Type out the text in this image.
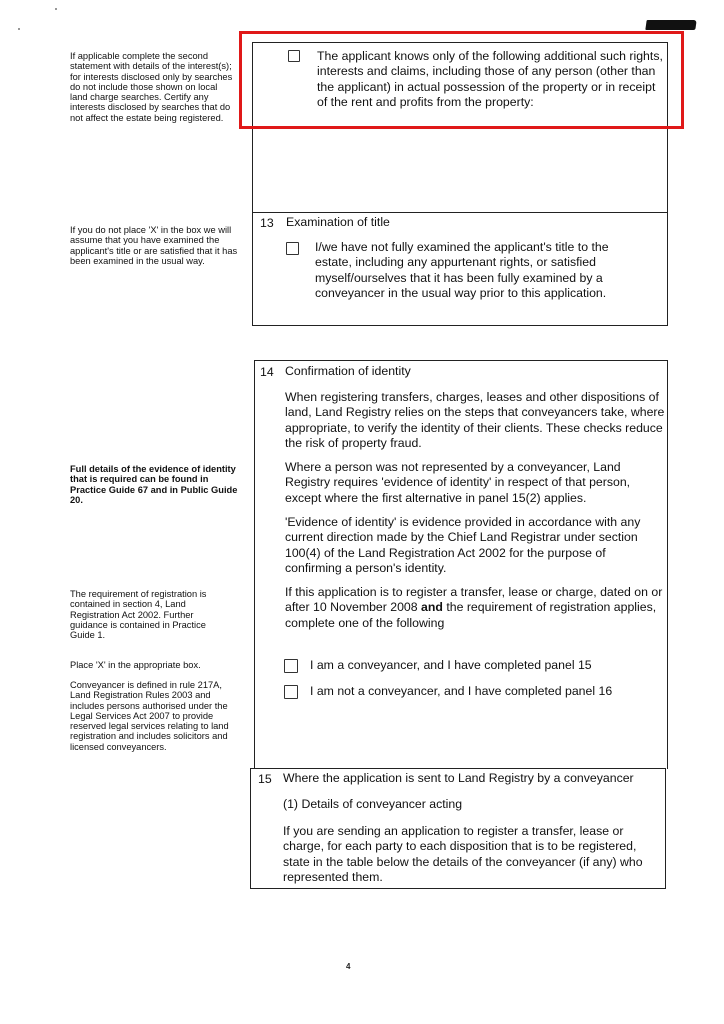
If applicable complete the second statement with details of the interest(s); for interests disclosed only by searches do not include those shown on local land charge searches. Certify any interests disclosed by searches that do not affect the estate being registered.
If you do not place 'X' in the box we will assume that you have examined the applicant's title or are satisfied that it has been examined in the usual way.
Full details of the evidence of identity that is required can be found in Practice Guide 67 and in Public Guide 20.
The requirement of registration is contained in section 4, Land Registration Act 2002. Further guidance is contained in Practice Guide 1.
Place 'X' in the appropriate box.
Conveyancer is defined in rule 217A, Land Registration Rules 2003 and includes persons authorised under the Legal Services Act 2007 to provide reserved legal services relating to land registration and includes solicitors and licensed conveyancers.
The applicant knows only of the following additional such rights, interests and claims, including those of any person (other than the applicant) in actual possession of the property or in receipt of the rent and profits from the property:
13 Examination of title
I/we have not fully examined the applicant's title to the estate, including any appurtenant rights, or satisfied myself/ourselves that it has been fully examined by a conveyancer in the usual way prior to this application.
14 Confirmation of identity
When registering transfers, charges, leases and other dispositions of land, Land Registry relies on the steps that conveyancers take, where appropriate, to verify the identity of their clients. These checks reduce the risk of property fraud.
Where a person was not represented by a conveyancer, Land Registry requires 'evidence of identity' in respect of that person, except where the first alternative in panel 15(2) applies.
'Evidence of identity' is evidence provided in accordance with any current direction made by the Chief Land Registrar under section 100(4) of the Land Registration Act 2002 for the purpose of confirming a person's identity.
If this application is to register a transfer, lease or charge, dated on or after 10 November 2008 and the requirement of registration applies, complete one of the following
I am a conveyancer, and I have completed panel 15
I am not a conveyancer, and I have completed panel 16
15 Where the application is sent to Land Registry by a conveyancer
(1) Details of conveyancer acting
If you are sending an application to register a transfer, lease or charge, for each party to each disposition that is to be registered, state in the table below the details of the conveyancer (if any) who represented them.
4
